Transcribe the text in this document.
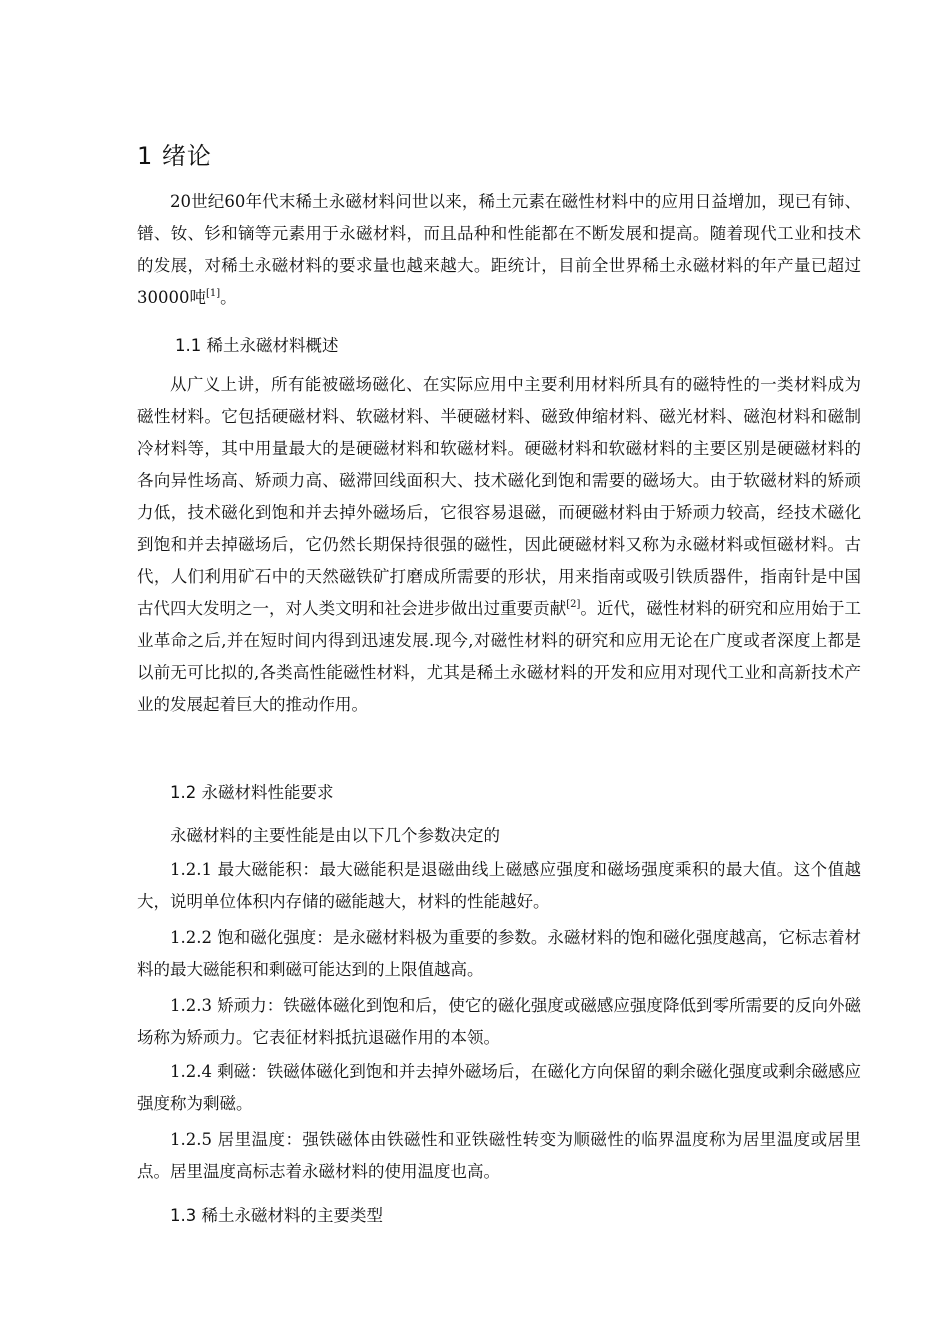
1 绪论

20世纪60年代末稀土永磁材料问世以来，稀土元素在磁性材料中的应用日益增加，现已有铈、镨、钕、钐和镝等元素用于永磁材料，而且品种和性能都在不断发展和提高。随着现代工业和技术的发展，对稀土永磁材料的要求量也越来越大。距统计，目前全世界稀土永磁材料的年产量已超过30000吨[1]。

1.1 稀土永磁材料概述

从广义上讲，所有能被磁场磁化、在实际应用中主要利用材料所具有的磁特性的一类材料成为磁性材料。它包括硬磁材料、软磁材料、半硬磁材料、磁致伸缩材料、磁光材料、磁泡材料和磁制冷材料等，其中用量最大的是硬磁材料和软磁材料。硬磁材料和软磁材料的主要区别是硬磁材料的各向异性场高、矫顽力高、磁滞回线面积大、技术磁化到饱和需要的磁场大。由于软磁材料的矫顽力低，技术磁化到饱和并去掉外磁场后，它很容易退磁，而硬磁材料由于矫顽力较高，经技术磁化到饱和并去掉磁场后，它仍然长期保持很强的磁性，因此硬磁材料又称为永磁材料或恒磁材料。古代，人们利用矿石中的天然磁铁矿打磨成所需要的形状，用来指南或吸引铁质器件，指南针是中国古代四大发明之一，对人类文明和社会进步做出过重要贡献[2]。近代，磁性材料的研究和应用始于工业革命之后,并在短时间内得到迅速发展.现今,对磁性材料的研究和应用无论在广度或者深度上都是以前无可比拟的,各类高性能磁性材料，尤其是稀土永磁材料的开发和应用对现代工业和高新技术产业的发展起着巨大的推动作用。

1.2 永磁材料性能要求

永磁材料的主要性能是由以下几个参数决定的

1.2.1 最大磁能积：最大磁能积是退磁曲线上磁感应强度和磁场强度乘积的最大值。这个值越大，说明单位体积内存储的磁能越大，材料的性能越好。

1.2.2 饱和磁化强度：是永磁材料极为重要的参数。永磁材料的饱和磁化强度越高，它标志着材料的最大磁能积和剩磁可能达到的上限值越高。

1.2.3 矫顽力：铁磁体磁化到饱和后，使它的磁化强度或磁感应强度降低到零所需要的反向外磁场称为矫顽力。它表征材料抵抗退磁作用的本领。

1.2.4 剩磁：铁磁体磁化到饱和并去掉外磁场后，在磁化方向保留的剩余磁化强度或剩余磁感应强度称为剩磁。

1.2.5 居里温度：强铁磁体由铁磁性和亚铁磁性转变为顺磁性的临界温度称为居里温度或居里点。居里温度高标志着永磁材料的使用温度也高。

1.3 稀土永磁材料的主要类型
